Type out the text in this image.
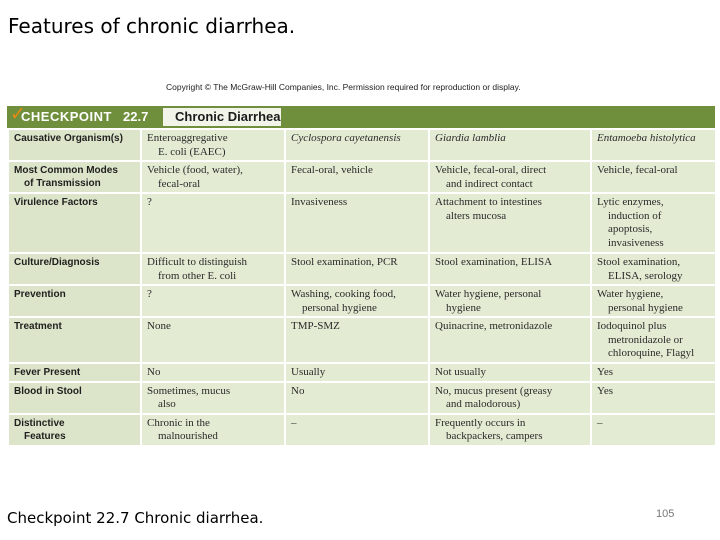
Features of chronic diarrhea.
Copyright © The McGraw-Hill Companies, Inc. Permission required for reproduction or display.
✓
CHECKPOINT 22.7 Chronic Diarrhea
Causative Organism(s)	Enteroaggregative
E. coli (EAEC)	Cyclospora cayetanensis	Giardia lamblia	Entamoeba histolytica

Most Common Modes
of Transmission	Vehicle (food, water),
fecal-oral	Fecal-oral, vehicle	Vehicle, fecal-oral, direct
and indirect contact	Vehicle, fecal-oral

Virulence Factors	?	Invasiveness	Attachment to intestines
alters mucosa	Lytic enzymes,
induction of
apoptosis,
invasiveness

Culture/Diagnosis	Difficult to distinguish
from other E. coli	Stool examination, PCR	Stool examination, ELISA	Stool examination,
ELISA, serology

Prevention	?	Washing, cooking food,
personal hygiene	Water hygiene, personal
hygiene	Water hygiene,
personal hygiene

Treatment	None	TMP-SMZ	Quinacrine, metronidazole	Iodoquinol plus
metronidazole or
chloroquine, Flagyl

Fever Present	No	Usually	Not usually	Yes

Blood in Stool	Sometimes, mucus
also	No	No, mucus present (greasy
and malodorous)	Yes

Distinctive
Features	Chronic in the
malnourished	–	Frequently occurs in
backpackers, campers	–
Checkpoint 22.7 Chronic diarrhea.	105
